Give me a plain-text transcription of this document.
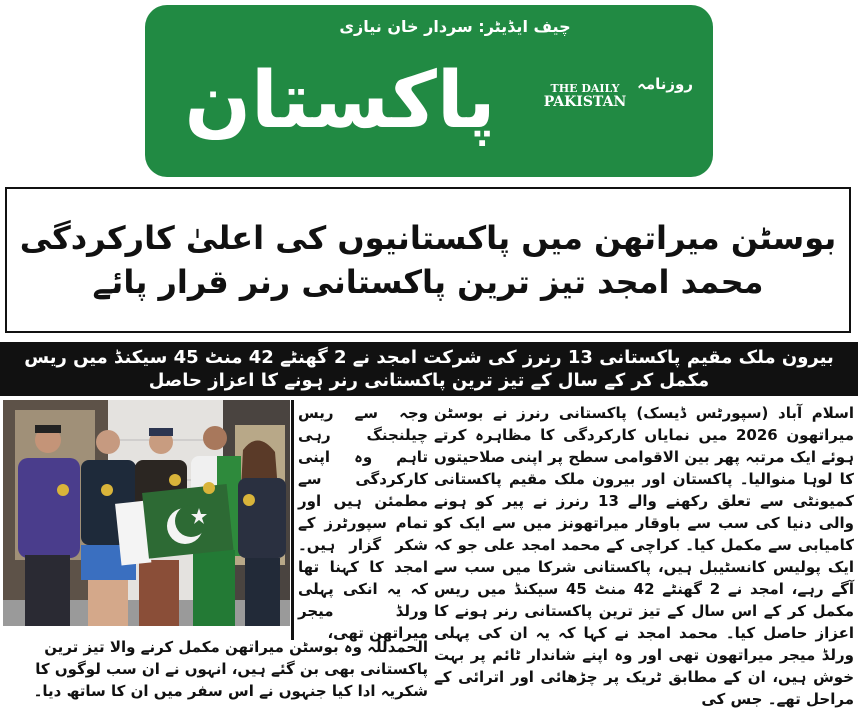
چیف ایڈیٹر: سردار خان نیازی
روزنامہ
پاکستان	THE DAILY
PAKISTAN
بوسٹن میراتھن میں پاکستانیوں کی اعلیٰ کارکردگی محمد امجد تیز ترین پاکستانی رنر قرار پائے
بیرون ملک مقیم پاکستانی 13 رنرز کی شرکت امجد نے 2 گھنٹے 42 منٹ 45 سیکنڈ میں ریس مکمل کر کے سال کے تیز ترین پاکستانی رنر ہونے کا اعزاز حاصل

اسلام آباد (سپورٹس ڈیسک) پاکستانی رنرز نے بوسٹن میراتھون 2026 میں نمایاں کارکردگی کا مظاہرہ کرتے ہوئے ایک مرتبہ پھر بین الاقوامی سطح پر اپنی صلاحیتوں کا لوہا منوالیا۔ پاکستان اور بیرون ملک مقیم پاکستانی کمیونٹی سے تعلق رکھنے والے 13 رنرز نے پیر کو ہونے والی دنیا کی سب سے باوقار میراتھونز میں سے ایک کو کامیابی سے مکمل کیا۔ کراچی کے محمد امجد علی جو کہ ایک پولیس کانسٹیبل ہیں، پاکستانی شرکا میں سب سے آگے رہے، امجد نے 2 گھنٹے 42 منٹ 45 سیکنڈ میں ریس مکمل کر کے اس سال کے تیز ترین پاکستانی رنر ہونے کا اعزاز حاصل کیا۔ محمد امجد نے کہا کہ یہ ان کی پہلی ورلڈ میجر میراتھون تھی اور وہ اپنے شاندار ٹائم پر بہت خوش ہیں، ان کے مطابق ٹریک پر چڑھائی اور اترائی کے مراحل تھے۔ جس کی

وجہ سے ریس چیلنجنگ رہی تاہم وہ اپنی کارکردگی سے مطمئن ہیں اور تمام سپورٹرز کے شکر گزار ہیں۔ امجد کا کہنا تھا کہ یہ انکی پہلی ورلڈ میجر میراتھن تھی،
الحمدللہ وہ بوسٹن میراتھن مکمل کرنے والا تیز ترین پاکستانی بھی بن گئے ہیں، انہوں نے ان سب لوگوں کا شکریہ ادا کیا جنہوں نے اس سفر میں ان کا ساتھ دیا۔
